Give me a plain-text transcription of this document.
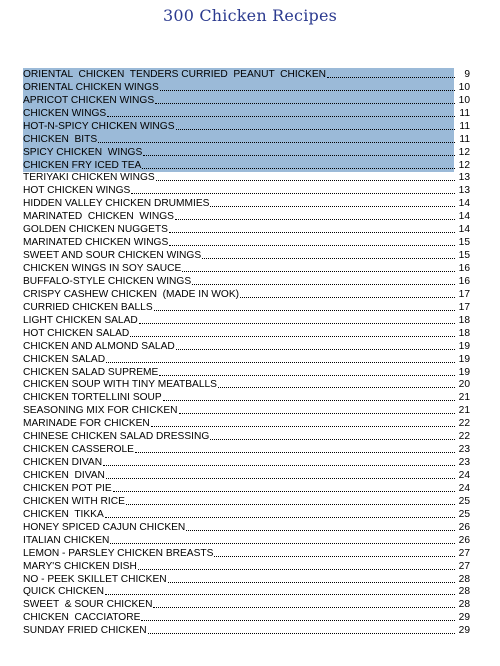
300 Chicken Recipes
ORIENTAL  CHICKEN  TENDERS CURRIED  PEANUT  CHICKEN	9
ORIENTAL CHICKEN WINGS	10
APRICOT CHICKEN WINGS	10
CHICKEN WINGS	11
HOT-N-SPICY CHICKEN WINGS	11
CHICKEN  BITS	11
SPICY CHICKEN  WINGS	12
CHICKEN FRY ICED TEA	12
TERIYAKI CHICKEN WINGS	13
HOT CHICKEN WINGS	13
HIDDEN VALLEY CHICKEN DRUMMIES	14
MARINATED  CHICKEN  WINGS	14
GOLDEN CHICKEN NUGGETS	14
MARINATED CHICKEN WINGS	15
SWEET AND SOUR CHICKEN WINGS	15
CHICKEN WINGS IN SOY SAUCE	16
BUFFALO-STYLE CHICKEN WINGS	16
CRISPY CASHEW CHICKEN  (MADE IN WOK)	17
CURRIED CHICKEN BALLS	17
LIGHT CHICKEN SALAD	18
HOT CHICKEN SALAD	18
CHICKEN AND ALMOND SALAD	19
CHICKEN SALAD	19
CHICKEN SALAD SUPREME	19
CHICKEN SOUP WITH TINY MEATBALLS	20
CHICKEN TORTELLINI SOUP	21
SEASONING MIX FOR CHICKEN	21
MARINADE FOR CHICKEN	22
CHINESE CHICKEN SALAD DRESSING	22
CHICKEN CASSEROLE	23
CHICKEN DIVAN	23
CHICKEN  DIVAN	24
CHICKEN POT PIE	24
CHICKEN WITH RICE	25
CHICKEN  TIKKA	25
HONEY SPICED CAJUN CHICKEN	26
ITALIAN CHICKEN	26
LEMON - PARSLEY CHICKEN BREASTS	27
MARY'S CHICKEN DISH	27
NO - PEEK SKILLET CHICKEN	28
QUICK CHICKEN	28
SWEET  & SOUR CHICKEN	28
CHICKEN  CACCIATORE	29
SUNDAY FRIED CHICKEN	29
